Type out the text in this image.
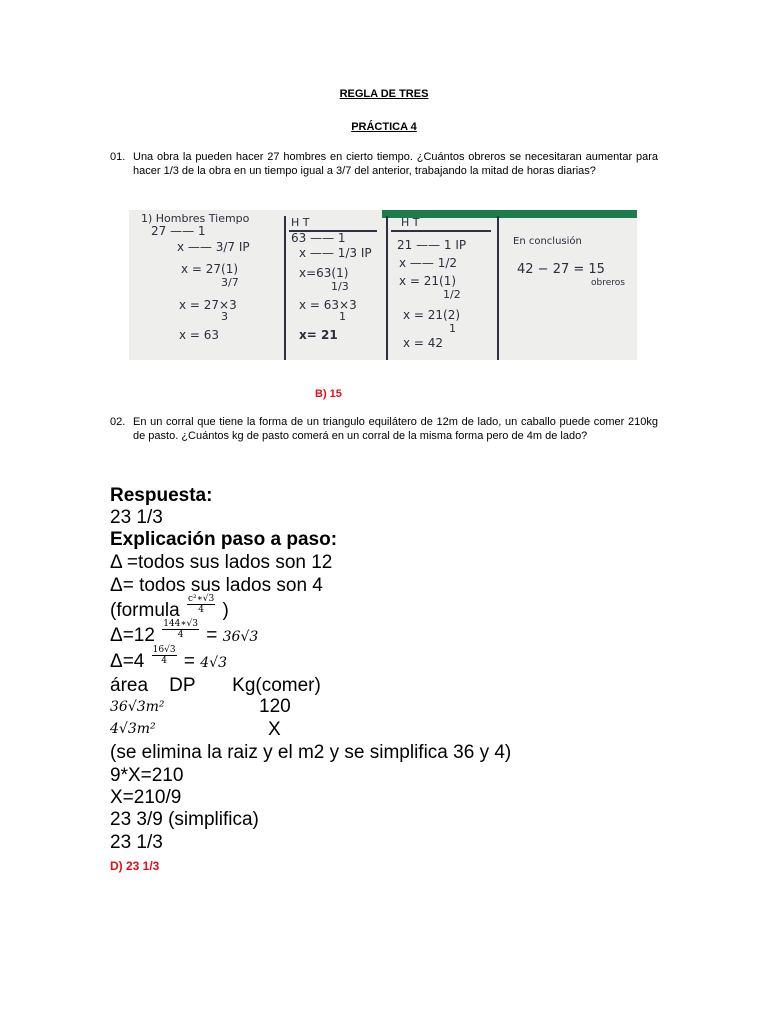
REGLA DE TRES
PRÁCTICA 4
01. Una obra la pueden hacer 27 hombres en cierto tiempo. ¿Cuántos obreros se necesitaran aumentar para hacer 1/3 de la obra en un tiempo igual a 3/7 del anterior, trabajando la mitad de horas diarias?
1) Hombres Tiempo
27 —— 1
x —— 3/7 IP
x = 27(1)
3/7
x = 27×3
3
x = 63
H T
63 —— 1
x —— 1/3 IP
x=63(1)
1/3
x = 63×3
1
x= 21
H T
21 —— 1 IP
x —— 1/2
x = 21(1)
1/2
x = 21(2)
1
x = 42
En conclusión
42 − 27 = 15
obreros
B) 15
02. En un corral que tiene la forma de un triangulo equilátero de 12m de lado, un caballo puede comer 210kg de pasto. ¿Cuántos kg de pasto comerá en un corral de la misma forma pero de 4m de lado?
Respuesta:
23 1/3
Explicación paso a paso:
Δ =todos sus lados son 12
Δ= todos sus lados son 4
(formula $\frac{\text{c²∗√3}}{4}$ )
$\Delta=12 \frac{144∗√3}{4} = 36√3$
$\Delta=4 \frac{16√3}{4} = 4√3$
área    DP       Kg(comer)
36√3m²	120
4√3m²	X
(se elimina la raiz y el m2 y se simplifica 36 y 4)
9*X=210
X=210/9
23 3/9 (simplifica)
23 1/3
D) 23 1/3
